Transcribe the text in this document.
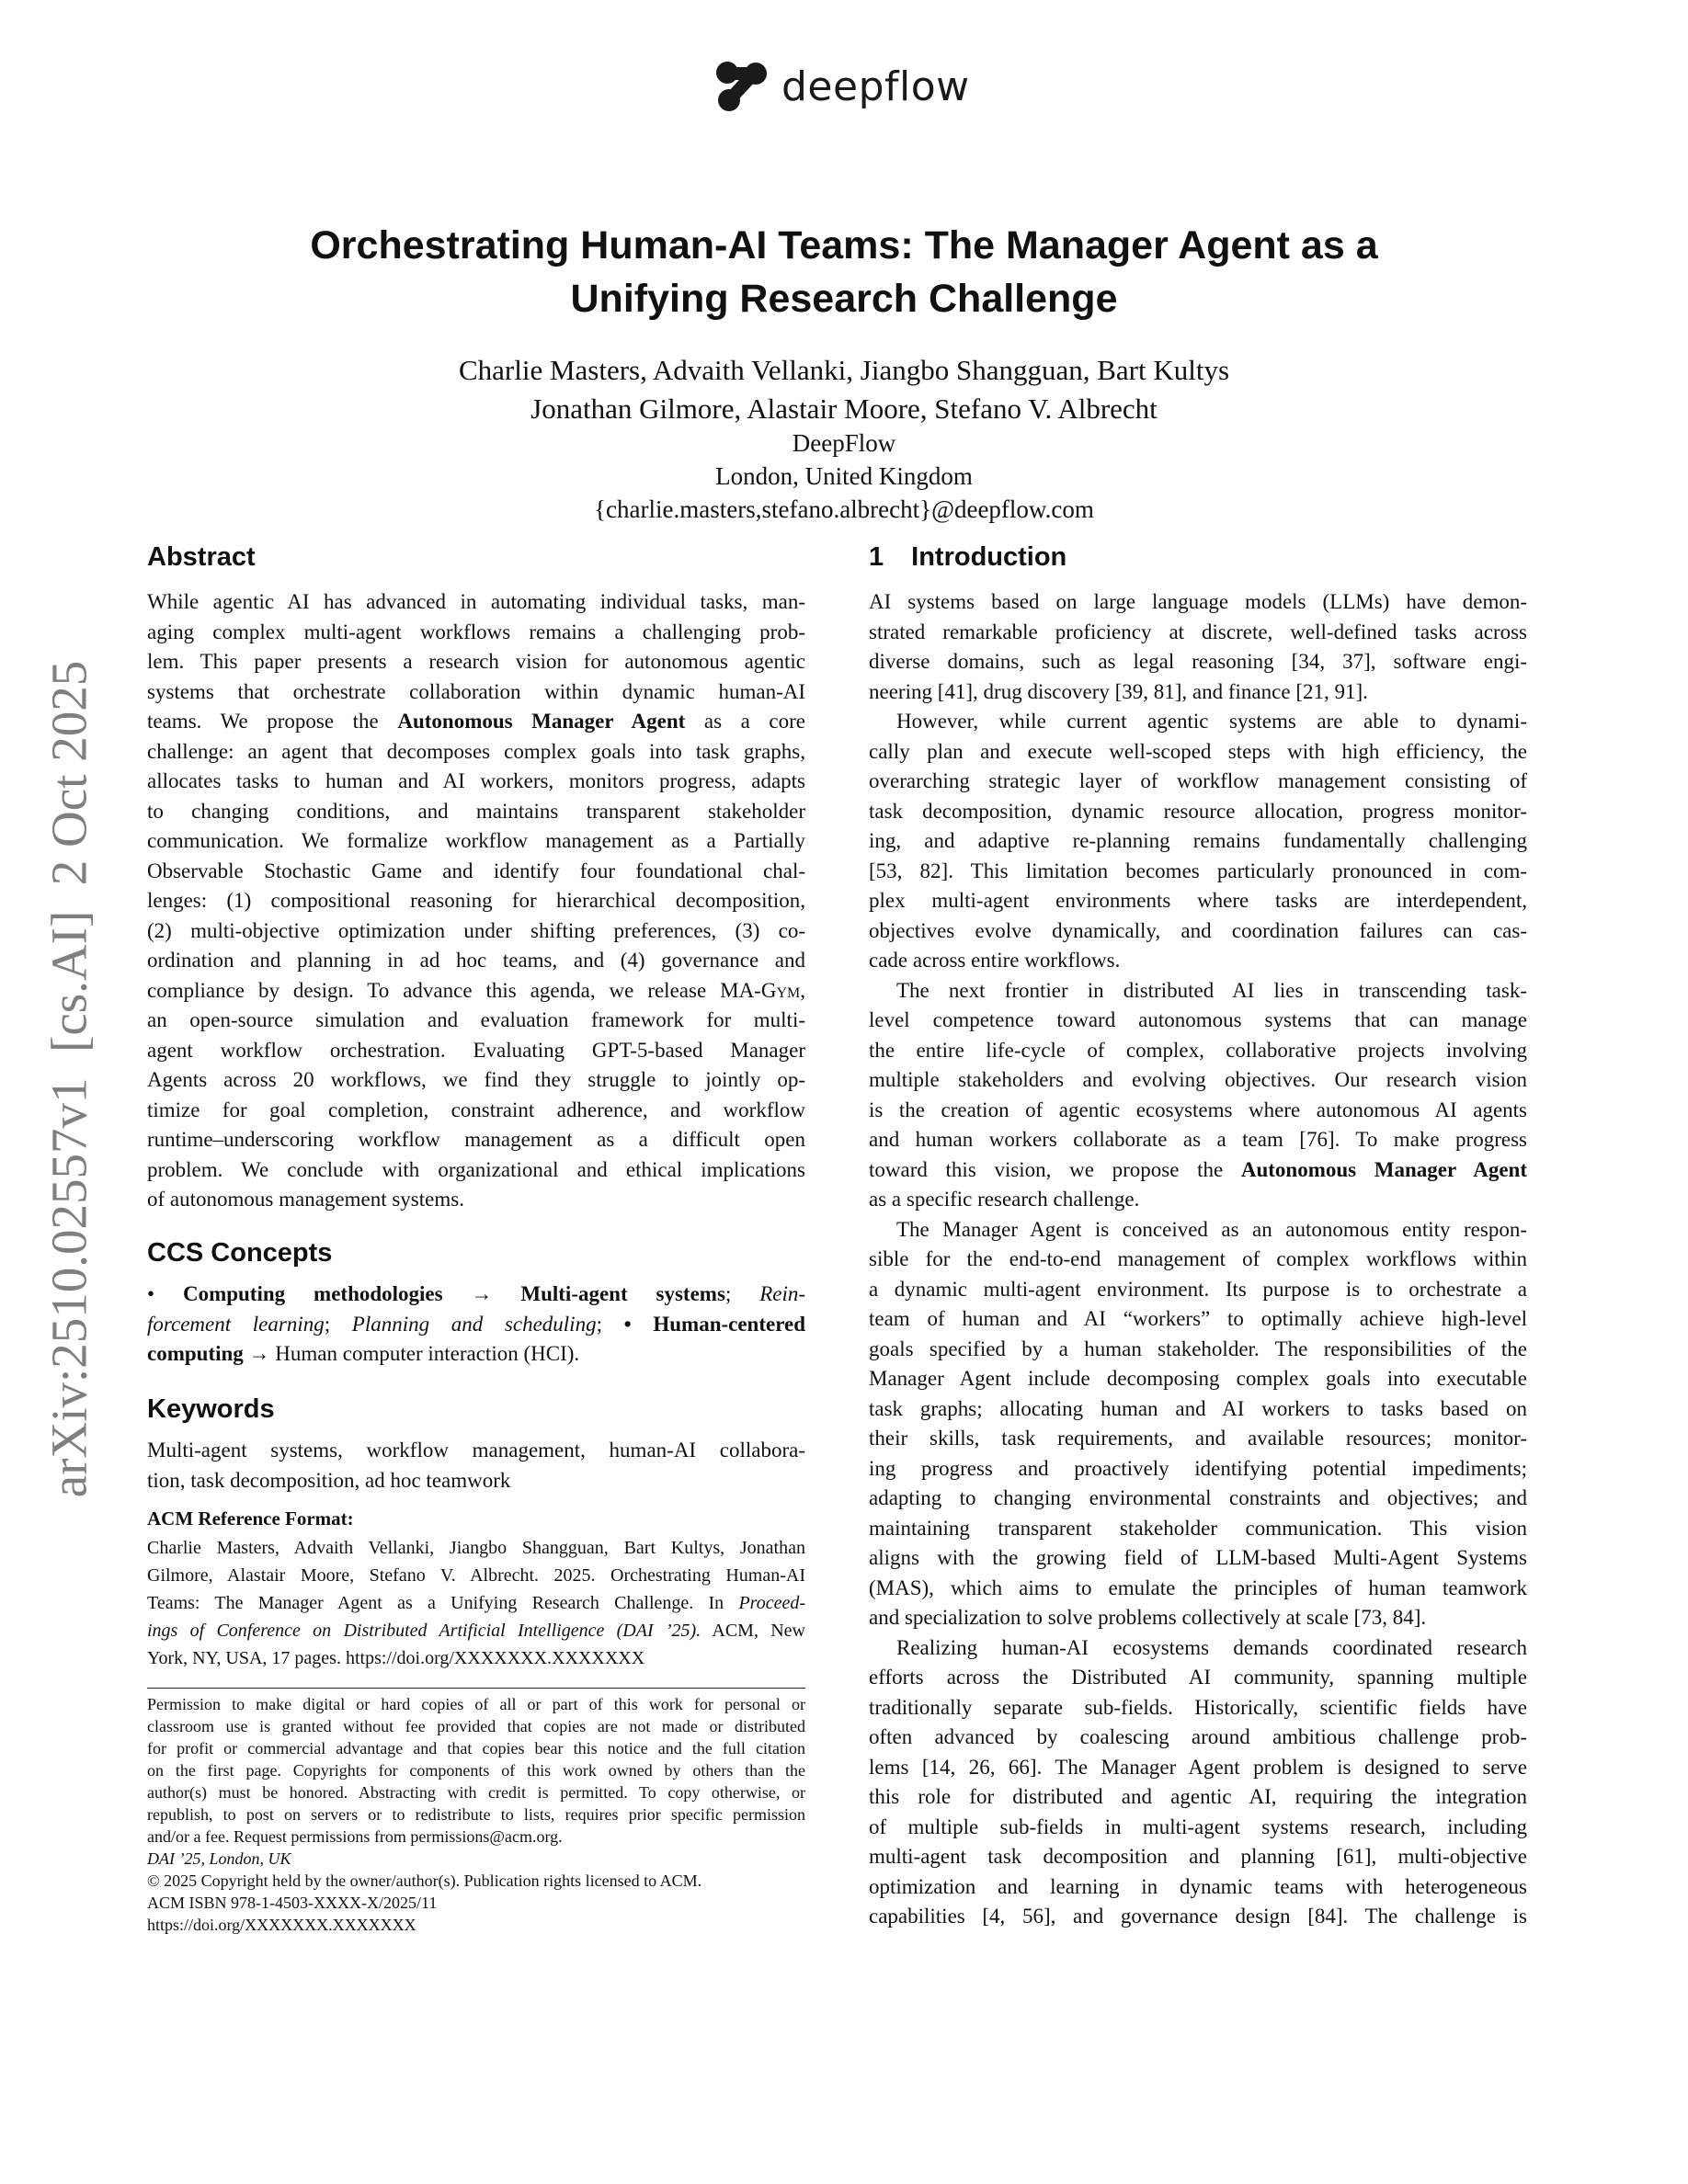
deepflow
arXiv:2510.02557v1  [cs.AI]  2 Oct 2025
Orchestrating Human-AI Teams: The Manager Agent as a
Unifying Research Challenge
Charlie Masters, Advaith Vellanki, Jiangbo Shangguan, Bart Kultys
Jonathan Gilmore, Alastair Moore, Stefano V. Albrecht
DeepFlow
London, United Kingdom
{charlie.masters,stefano.albrecht}@deepflow.com
Abstract
While agentic AI has advanced in automating individual tasks, man-
aging complex multi-agent workflows remains a challenging prob-
lem. This paper presents a research vision for autonomous agentic
systems that orchestrate collaboration within dynamic human-AI
teams. We propose the Autonomous Manager Agent as a core
challenge: an agent that decomposes complex goals into task graphs,
allocates tasks to human and AI workers, monitors progress, adapts
to changing conditions, and maintains transparent stakeholder
communication. We formalize workflow management as a Partially
Observable Stochastic Game and identify four foundational chal-
lenges: (1) compositional reasoning for hierarchical decomposition,
(2) multi-objective optimization under shifting preferences, (3) co-
ordination and planning in ad hoc teams, and (4) governance and
compliance by design. To advance this agenda, we release MA-Gym,
an open-source simulation and evaluation framework for multi-
agent workflow orchestration. Evaluating GPT-5-based Manager
Agents across 20 workflows, we find they struggle to jointly op-
timize for goal completion, constraint adherence, and workflow
runtime–underscoring workflow management as a difficult open
problem. We conclude with organizational and ethical implications
of autonomous management systems.
CCS Concepts
• Computing methodologies → Multi-agent systems; Rein-
forcement learning; Planning and scheduling; • Human-centered
computing → Human computer interaction (HCI).
Keywords
Multi-agent systems, workflow management, human-AI collabora-
tion, task decomposition, ad hoc teamwork
ACM Reference Format:
Charlie Masters, Advaith Vellanki, Jiangbo Shangguan, Bart Kultys, Jonathan
Gilmore, Alastair Moore, Stefano V. Albrecht. 2025. Orchestrating Human-AI
Teams: The Manager Agent as a Unifying Research Challenge. In Proceed-
ings of Conference on Distributed Artificial Intelligence (DAI ’25). ACM, New
York, NY, USA, 17 pages. https://doi.org/XXXXXXX.XXXXXXX
Permission to make digital or hard copies of all or part of this work for personal or
classroom use is granted without fee provided that copies are not made or distributed
for profit or commercial advantage and that copies bear this notice and the full citation
on the first page. Copyrights for components of this work owned by others than the
author(s) must be honored. Abstracting with credit is permitted. To copy otherwise, or
republish, to post on servers or to redistribute to lists, requires prior specific permission
and/or a fee. Request permissions from permissions@acm.org.
DAI ’25, London, UK
© 2025 Copyright held by the owner/author(s). Publication rights licensed to ACM.
ACM ISBN 978-1-4503-XXXX-X/2025/11
https://doi.org/XXXXXXX.XXXXXXX
1 Introduction
AI systems based on large language models (LLMs) have demon-
strated remarkable proficiency at discrete, well-defined tasks across
diverse domains, such as legal reasoning [34, 37], software engi-
neering [41], drug discovery [39, 81], and finance [21, 91].
However, while current agentic systems are able to dynami-
cally plan and execute well-scoped steps with high efficiency, the
overarching strategic layer of workflow management consisting of
task decomposition, dynamic resource allocation, progress monitor-
ing, and adaptive re-planning remains fundamentally challenging
[53, 82]. This limitation becomes particularly pronounced in com-
plex multi-agent environments where tasks are interdependent,
objectives evolve dynamically, and coordination failures can cas-
cade across entire workflows.
The next frontier in distributed AI lies in transcending task-
level competence toward autonomous systems that can manage
the entire life-cycle of complex, collaborative projects involving
multiple stakeholders and evolving objectives. Our research vision
is the creation of agentic ecosystems where autonomous AI agents
and human workers collaborate as a team [76]. To make progress
toward this vision, we propose the Autonomous Manager Agent
as a specific research challenge.
The Manager Agent is conceived as an autonomous entity respon-
sible for the end-to-end management of complex workflows within
a dynamic multi-agent environment. Its purpose is to orchestrate a
team of human and AI “workers” to optimally achieve high-level
goals specified by a human stakeholder. The responsibilities of the
Manager Agent include decomposing complex goals into executable
task graphs; allocating human and AI workers to tasks based on
their skills, task requirements, and available resources; monitor-
ing progress and proactively identifying potential impediments;
adapting to changing environmental constraints and objectives; and
maintaining transparent stakeholder communication. This vision
aligns with the growing field of LLM-based Multi-Agent Systems
(MAS), which aims to emulate the principles of human teamwork
and specialization to solve problems collectively at scale [73, 84].
Realizing human-AI ecosystems demands coordinated research
efforts across the Distributed AI community, spanning multiple
traditionally separate sub-fields. Historically, scientific fields have
often advanced by coalescing around ambitious challenge prob-
lems [14, 26, 66]. The Manager Agent problem is designed to serve
this role for distributed and agentic AI, requiring the integration
of multiple sub-fields in multi-agent systems research, including
multi-agent task decomposition and planning [61], multi-objective
optimization and learning in dynamic teams with heterogeneous
capabilities [4, 56], and governance design [84]. The challenge is
